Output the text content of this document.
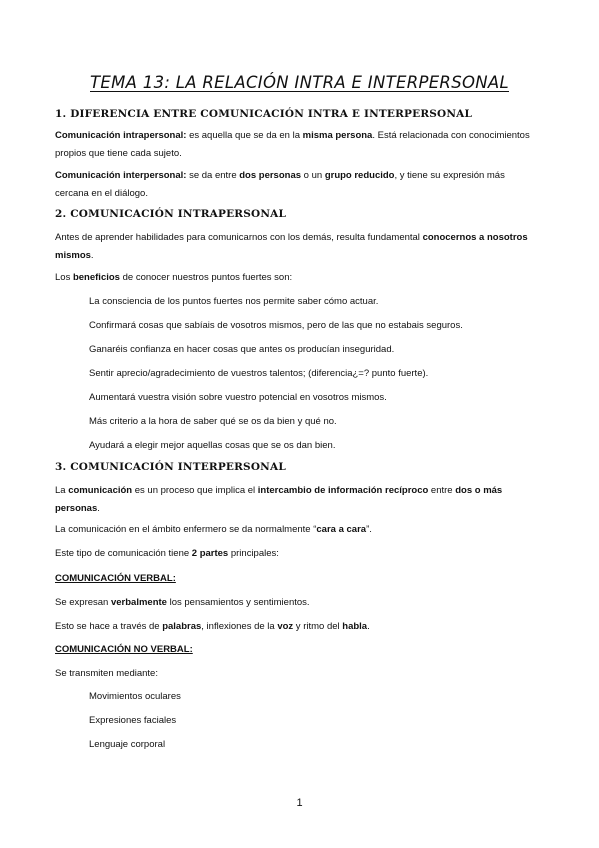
TEMA 13: LA RELACIÓN INTRA E INTERPERSONAL
1. DIFERENCIA ENTRE COMUNICACIÓN INTRA E INTERPERSONAL
Comunicación intrapersonal: es aquella que se da en la misma persona. Está relacionada con conocimientos propios que tiene cada sujeto.
Comunicación interpersonal: se da entre dos personas o un grupo reducido, y tiene su expresión más cercana en el diálogo.
2. COMUNICACIÓN INTRAPERSONAL
Antes de aprender habilidades para comunicarnos con los demás, resulta fundamental conocernos a nosotros mismos.
Los beneficios de conocer nuestros puntos fuertes son:
La consciencia de los puntos fuertes nos permite saber cómo actuar.
Confirmará cosas que sabíais de vosotros mismos, pero de las que no estabais seguros.
Ganaréis confianza en hacer cosas que antes os producían inseguridad.
Sentir aprecio/agradecimiento de vuestros talentos; (diferencia¿=? punto fuerte).
Aumentará vuestra visión sobre vuestro potencial en vosotros mismos.
Más criterio a la hora de saber qué se os da bien y qué no.
Ayudará a elegir mejor aquellas cosas que se os dan bien.
3. COMUNICACIÓN INTERPERSONAL
La comunicación es un proceso que implica el intercambio de información recíproco entre dos o más personas.
La comunicación en el ámbito enfermero se da normalmente “cara a cara”.
Este tipo de comunicación tiene 2 partes principales:
COMUNICACIÓN VERBAL:
Se expresan verbalmente los pensamientos y sentimientos.
Esto se hace a través de palabras, inflexiones de la voz y ritmo del habla.
COMUNICACIÓN NO VERBAL:
Se transmiten mediante:
Movimientos oculares
Expresiones faciales
Lenguaje corporal
1
